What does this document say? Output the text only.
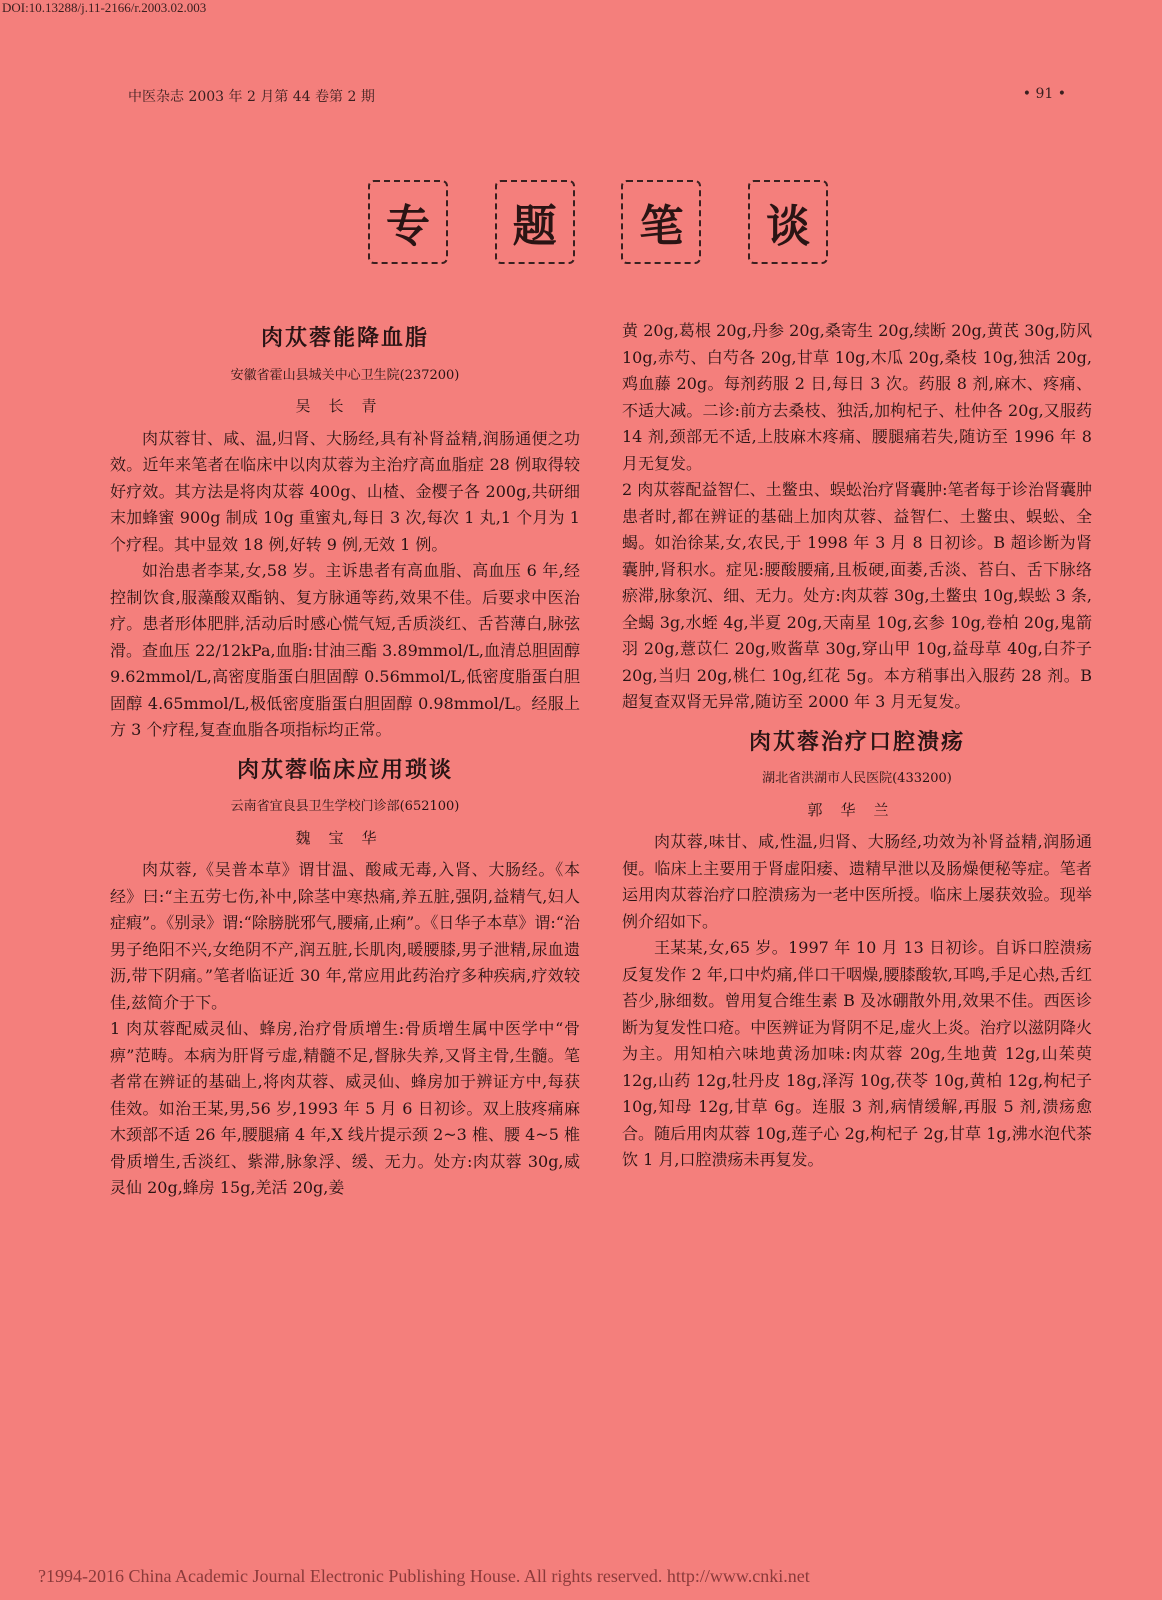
DOI:10.13288/j.11-2166/r.2003.02.003
中医杂志 2003 年 2 月第 44 卷第 2 期	• 91 •
专	题	笔	谈
肉苁蓉能降血脂
安徽省霍山县城关中心卫生院(237200)
吴长青

肉苁蓉甘、咸、温,归肾、大肠经,具有补肾益精,润肠通便之功效。近年来笔者在临床中以肉苁蓉为主治疗高血脂症 28 例取得较好疗效。其方法是将肉苁蓉 400g、山楂、金樱子各 200g,共研细末加蜂蜜 900g 制成 10g 重蜜丸,每日 3 次,每次 1 丸,1 个月为 1 个疗程。其中显效 18 例,好转 9 例,无效 1 例。

如治患者李某,女,58 岁。主诉患者有高血脂、高血压 6 年,经控制饮食,服藻酸双酯钠、复方脉通等药,效果不佳。后要求中医治疗。患者形体肥胖,活动后时感心慌气短,舌质淡红、舌苔薄白,脉弦滑。查血压 22/12kPa,血脂:甘油三酯 3.89mmol/L,血清总胆固醇 9.62mmol/L,高密度脂蛋白胆固醇 0.56mmol/L,低密度脂蛋白胆固醇 4.65mmol/L,极低密度脂蛋白胆固醇 0.98mmol/L。经服上方 3 个疗程,复查血脂各项指标均正常。

肉苁蓉临床应用琐谈
云南省宜良县卫生学校门诊部(652100)
魏宝华

肉苁蓉,《吴普本草》谓甘温、酸咸无毒,入肾、大肠经。《本经》曰:“主五劳七伤,补中,除茎中寒热痛,养五脏,强阴,益精气,妇人症瘕”。《别录》谓:“除膀胱邪气,腰痛,止痢”。《日华子本草》谓:“治男子绝阳不兴,女绝阴不产,润五脏,长肌肉,暖腰膝,男子泄精,尿血遗沥,带下阴痛。”笔者临证近 30 年,常应用此药治疗多种疾病,疗效较佳,兹简介于下。

1 肉苁蓉配威灵仙、蜂房,治疗骨质增生:骨质增生属中医学中“骨痹”范畴。本病为肝肾亏虚,精髓不足,督脉失养,又肾主骨,生髓。笔者常在辨证的基础上,将肉苁蓉、威灵仙、蜂房加于辨证方中,每获佳效。如治王某,男,56 岁,1993 年 5 月 6 日初诊。双上肢疼痛麻木颈部不适 26 年,腰腿痛 4 年,X 线片提示颈 2~3 椎、腰 4~5 椎骨质增生,舌淡红、紫滞,脉象浮、缓、无力。处方:肉苁蓉 30g,威灵仙 20g,蜂房 15g,羌活 20g,姜

黄 20g,葛根 20g,丹参 20g,桑寄生 20g,续断 20g,黄芪 30g,防风 10g,赤芍、白芍各 20g,甘草 10g,木瓜 20g,桑枝 10g,独活 20g,鸡血藤 20g。每剂药服 2 日,每日 3 次。药服 8 剂,麻木、疼痛、不适大减。二诊:前方去桑枝、独活,加枸杞子、杜仲各 20g,又服药 14 剂,颈部无不适,上肢麻木疼痛、腰腿痛若失,随访至 1996 年 8 月无复发。

2 肉苁蓉配益智仁、土鳖虫、蜈蚣治疗肾囊肿:笔者每于诊治肾囊肿患者时,都在辨证的基础上加肉苁蓉、益智仁、土鳖虫、蜈蚣、全蝎。如治徐某,女,农民,于 1998 年 3 月 8 日初诊。B 超诊断为肾囊肿,肾积水。症见:腰酸腰痛,且板硬,面萎,舌淡、苔白、舌下脉络瘀滞,脉象沉、细、无力。处方:肉苁蓉 30g,土鳖虫 10g,蜈蚣 3 条,全蝎 3g,水蛭 4g,半夏 20g,天南星 10g,玄参 10g,卷柏 20g,鬼箭羽 20g,薏苡仁 20g,败酱草 30g,穿山甲 10g,益母草 40g,白芥子 20g,当归 20g,桃仁 10g,红花 5g。本方稍事出入服药 28 剂。B 超复查双肾无异常,随访至 2000 年 3 月无复发。

肉苁蓉治疗口腔溃疡
湖北省洪湖市人民医院(433200)
郭华兰

肉苁蓉,味甘、咸,性温,归肾、大肠经,功效为补肾益精,润肠通便。临床上主要用于肾虚阳痿、遗精早泄以及肠燥便秘等症。笔者运用肉苁蓉治疗口腔溃疡为一老中医所授。临床上屡获效验。现举例介绍如下。

王某某,女,65 岁。1997 年 10 月 13 日初诊。自诉口腔溃疡反复发作 2 年,口中灼痛,伴口干咽燥,腰膝酸软,耳鸣,手足心热,舌红苔少,脉细数。曾用复合维生素 B 及冰硼散外用,效果不佳。西医诊断为复发性口疮。中医辨证为肾阴不足,虚火上炎。治疗以滋阴降火为主。用知柏六味地黄汤加味:肉苁蓉 20g,生地黄 12g,山茱萸 12g,山药 12g,牡丹皮 18g,泽泻 10g,茯苓 10g,黄柏 12g,枸杞子 10g,知母 12g,甘草 6g。连服 3 剂,病情缓解,再服 5 剂,溃疡愈合。随后用肉苁蓉 10g,莲子心 2g,枸杞子 2g,甘草 1g,沸水泡代茶饮 1 月,口腔溃疡未再复发。

?1994-2016 China Academic Journal Electronic Publishing House. All rights reserved. http://www.cnki.net
